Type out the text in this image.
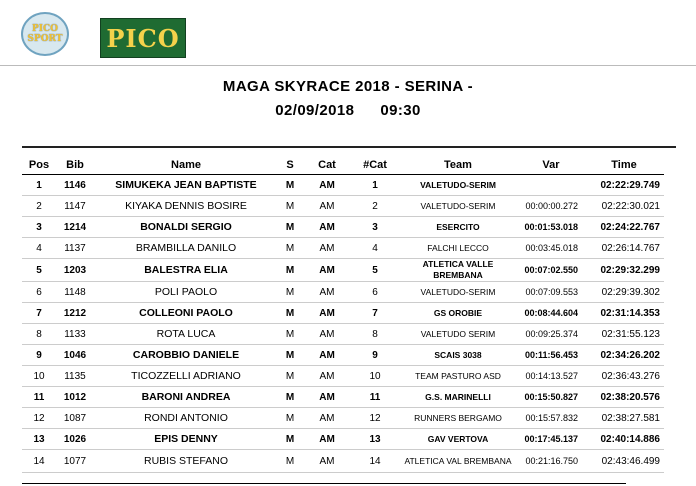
PICO
SPORT PICO
MAGA SKYRACE 2018 - SERINA -
02/09/2018 09:30
Pos	Bib	Name	S	Cat	#Cat	Team	Var	Time
1	1146	SIMUKEKA JEAN BAPTISTE	M	AM	1	VALETUDO-SERIM		02:22:29.749
2	1147	KIYAKA DENNIS BOSIRE	M	AM	2	VALETUDO-SERIM	00:00:00.272	02:22:30.021
3	1214	BONALDI SERGIO	M	AM	3	ESERCITO	00:01:53.018	02:24:22.767
4	1137	BRAMBILLA DANILO	M	AM	4	FALCHI LECCO	00:03:45.018	02:26:14.767
5	1203	BALESTRA ELIA	M	AM	5	ATLETICA VALLE BREMBANA	00:07:02.550	02:29:32.299
6	1148	POLI PAOLO	M	AM	6	VALETUDO-SERIM	00:07:09.553	02:29:39.302
7	1212	COLLEONI PAOLO	M	AM	7	GS OROBIE	00:08:44.604	02:31:14.353
8	1133	ROTA LUCA	M	AM	8	VALETUDO SERIM	00:09:25.374	02:31:55.123
9	1046	CAROBBIO DANIELE	M	AM	9	SCAIS 3038	00:11:56.453	02:34:26.202
10	1135	TICOZZELLI ADRIANO	M	AM	10	TEAM PASTURO ASD	00:14:13.527	02:36:43.276
11	1012	BARONI ANDREA	M	AM	11	G.S. MARINELLI	00:15:50.827	02:38:20.576
12	1087	RONDI ANTONIO	M	AM	12	RUNNERS BERGAMO	00:15:57.832	02:38:27.581
13	1026	EPIS DENNY	M	AM	13	GAV VERTOVA	00:17:45.137	02:40:14.886
14	1077	RUBIS STEFANO	M	AM	14	ATLETICA VAL BREMBANA	00:21:16.750	02:43:46.499
